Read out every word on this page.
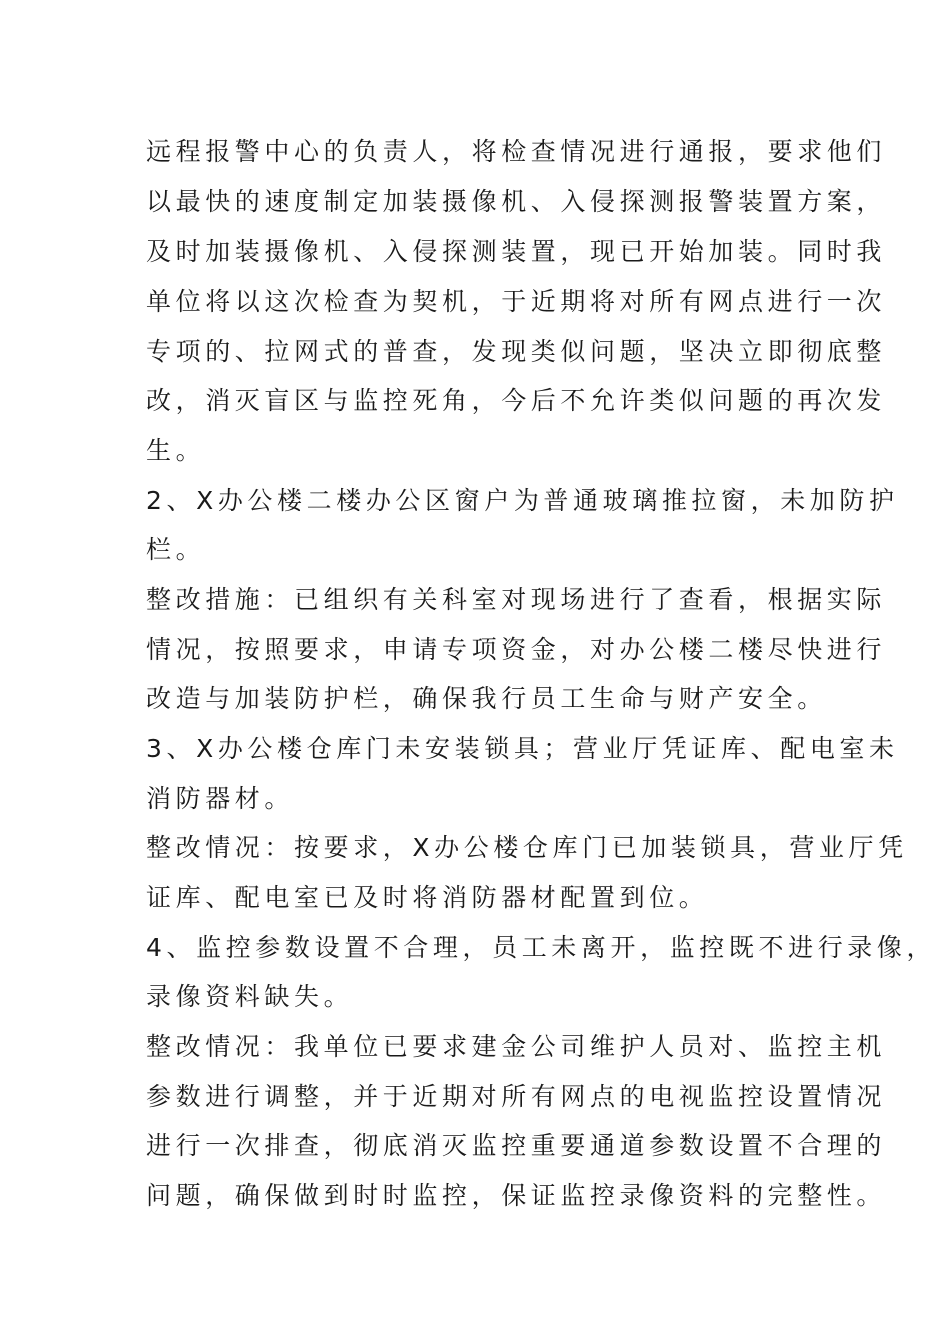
远程报警中心的负责人，将检查情况进行通报，要求他们
以最快的速度制定加装摄像机、入侵探测报警装置方案，
及时加装摄像机、入侵探测装置，现已开始加装。同时我
单位将以这次检查为契机，于近期将对所有网点进行一次
专项的、拉网式的普查，发现类似问题，坚决立即彻底整
改，消灭盲区与监控死角，今后不允许类似问题的再次发
生。
2、X办公楼二楼办公区窗户为普通玻璃推拉窗，未加防护
栏。
整改措施：已组织有关科室对现场进行了查看，根据实际
情况，按照要求，申请专项资金，对办公楼二楼尽快进行
改造与加装防护栏，确保我行员工生命与财产安全。
3、X办公楼仓库门未安装锁具；营业厅凭证库、配电室未
消防器材。
整改情况：按要求，X办公楼仓库门已加装锁具，营业厅凭
证库、配电室已及时将消防器材配置到位。
4、监控参数设置不合理，员工未离开，监控既不进行录像，
录像资料缺失。
整改情况：我单位已要求建金公司维护人员对、监控主机
参数进行调整，并于近期对所有网点的电视监控设置情况
进行一次排查，彻底消灭监控重要通道参数设置不合理的
问题，确保做到时时监控，保证监控录像资料的完整性。
